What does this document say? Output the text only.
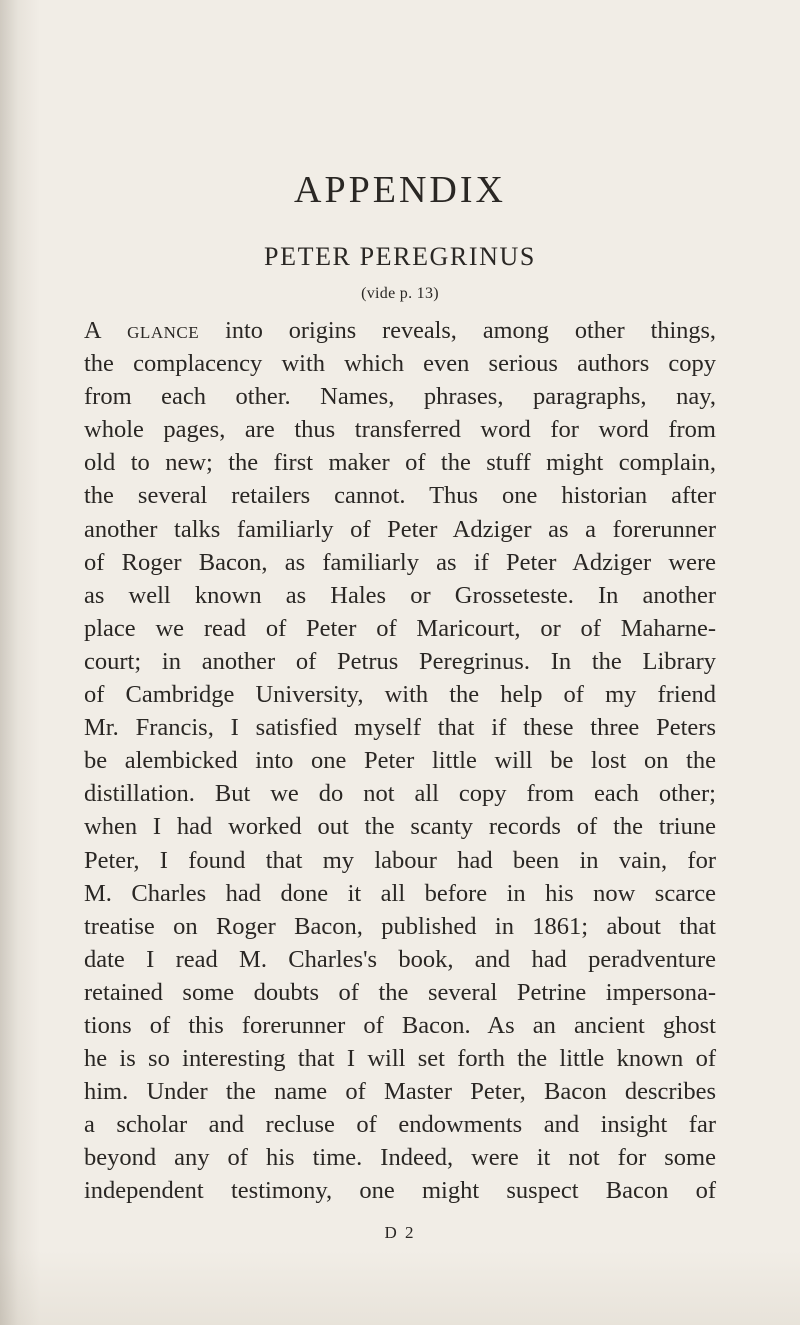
APPENDIX
PETER PEREGRINUS
(vide p. 13)
A glance into origins reveals, among other things,
the complacency with which even serious authors copy
from each other. Names, phrases, paragraphs, nay,
whole pages, are thus transferred word for word from
old to new; the first maker of the stuff might complain,
the several retailers cannot. Thus one historian after
another talks familiarly of Peter Adziger as a forerunner
of Roger Bacon, as familiarly as if Peter Adziger were
as well known as Hales or Grosseteste. In another
place we read of Peter of Maricourt, or of Maharne-
court; in another of Petrus Peregrinus. In the Library
of Cambridge University, with the help of my friend
Mr. Francis, I satisfied myself that if these three Peters
be alembicked into one Peter little will be lost on the
distillation. But we do not all copy from each other;
when I had worked out the scanty records of the triune
Peter, I found that my labour had been in vain, for
M. Charles had done it all before in his now scarce
treatise on Roger Bacon, published in 1861; about that
date I read M. Charles's book, and had peradventure
retained some doubts of the several Petrine impersona-
tions of this forerunner of Bacon. As an ancient ghost
he is so interesting that I will set forth the little known of
him. Under the name of Master Peter, Bacon describes
a scholar and recluse of endowments and insight far
beyond any of his time. Indeed, were it not for some
independent testimony, one might suspect Bacon of
D 2
